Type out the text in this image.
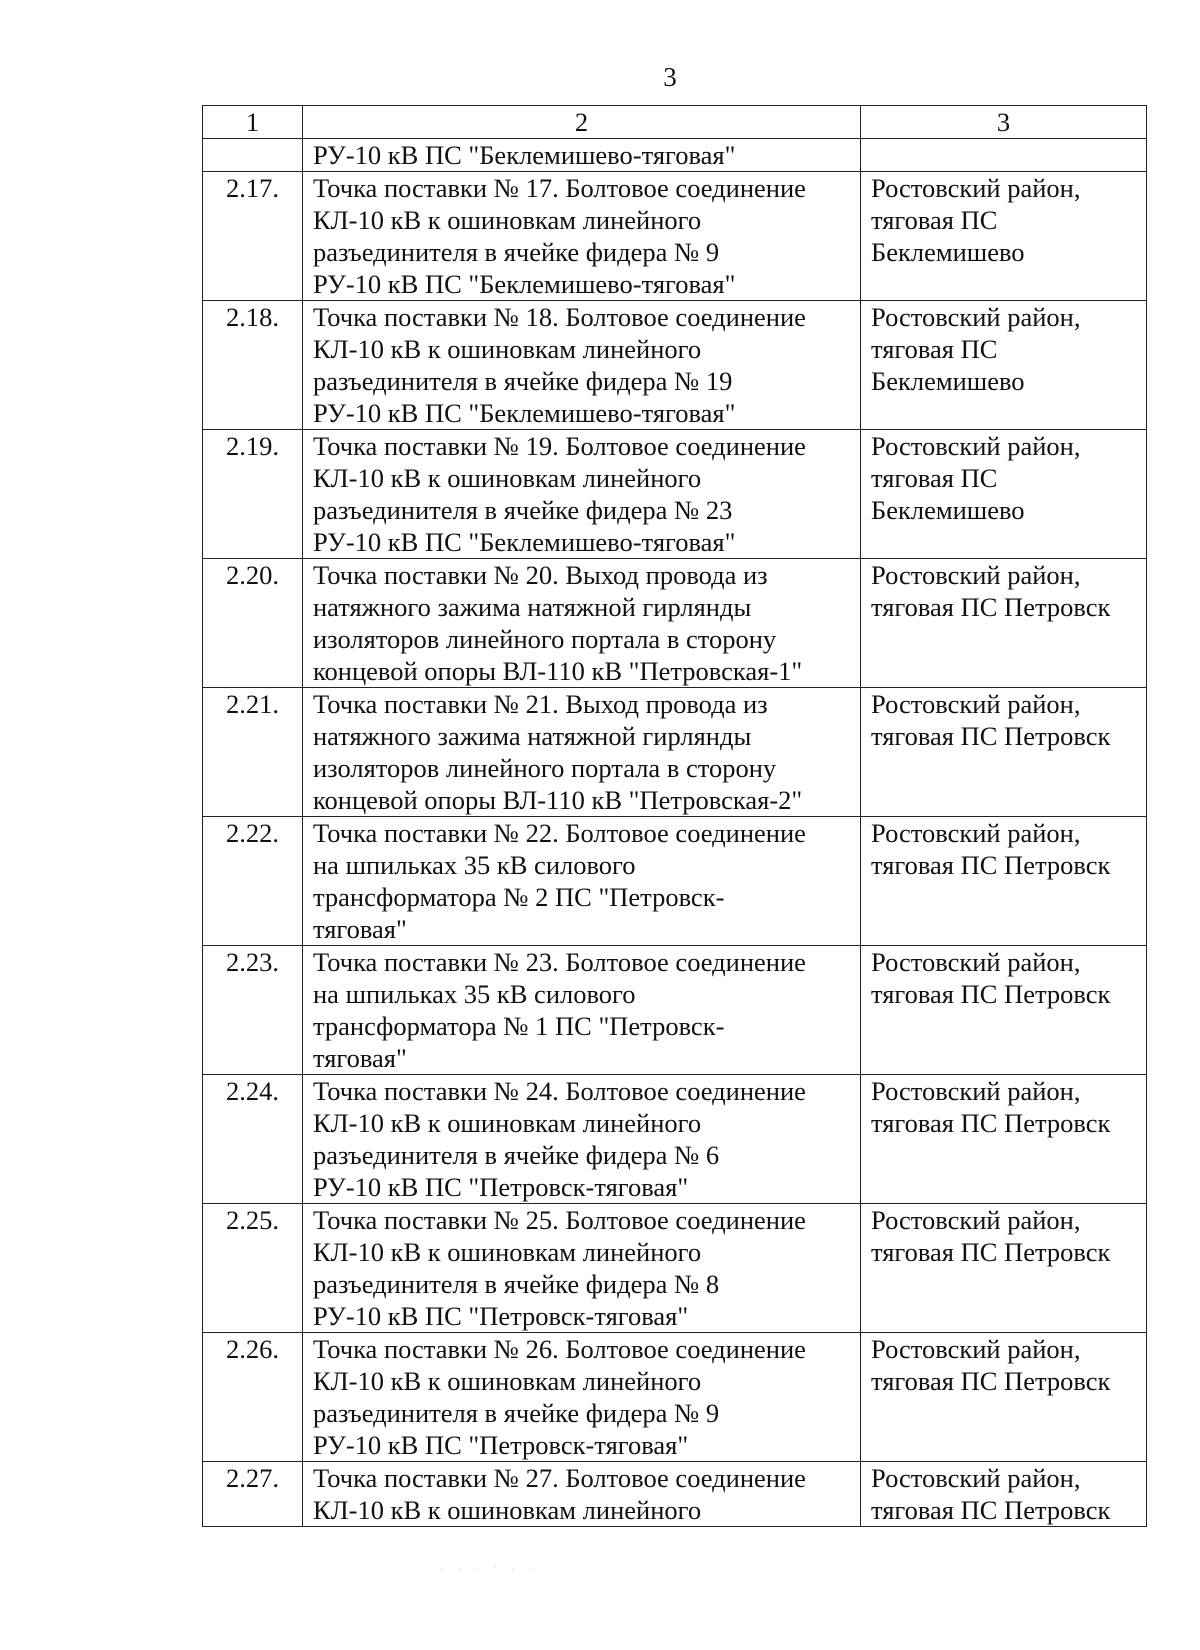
3
1	2	3

	РУ-10 кВ ПС "Беклемишево-тяговая"	

2.17.	Точка поставки № 17. Болтовое соединение
КЛ-10 кВ к ошиновкам линейного
разъединителя в ячейке фидера № 9
РУ-10 кВ ПС "Беклемишево-тяговая"	Ростовский район,
тяговая ПС
Беклемишево

2.18.	Точка поставки № 18. Болтовое соединение
КЛ-10 кВ к ошиновкам линейного
разъединителя в ячейке фидера № 19
РУ-10 кВ ПС "Беклемишево-тяговая"	Ростовский район,
тяговая ПС
Беклемишево

2.19.	Точка поставки № 19. Болтовое соединение
КЛ-10 кВ к ошиновкам линейного
разъединителя в ячейке фидера № 23
РУ-10 кВ ПС "Беклемишево-тяговая"	Ростовский район,
тяговая ПС
Беклемишево

2.20.	Точка поставки № 20. Выход провода из
натяжного зажима натяжной гирлянды
изоляторов линейного портала в сторону
концевой опоры ВЛ-110 кВ "Петровская-1"	Ростовский район,
тяговая ПС Петровск

2.21.	Точка поставки № 21. Выход провода из
натяжного зажима натяжной гирлянды
изоляторов линейного портала в сторону
концевой опоры ВЛ-110 кВ "Петровская-2"	Ростовский район,
тяговая ПС Петровск

2.22.	Точка поставки № 22. Болтовое соединение
на шпильках 35 кВ силового
трансформатора № 2 ПС "Петровск-
тяговая"	Ростовский район,
тяговая ПС Петровск

2.23.	Точка поставки № 23. Болтовое соединение
на шпильках 35 кВ силового
трансформатора № 1 ПС "Петровск-
тяговая"	Ростовский район,
тяговая ПС Петровск

2.24.	Точка поставки № 24. Болтовое соединение
КЛ-10 кВ к ошиновкам линейного
разъединителя в ячейке фидера № 6
РУ-10 кВ ПС "Петровск-тяговая"	Ростовский район,
тяговая ПС Петровск

2.25.	Точка поставки № 25. Болтовое соединение
КЛ-10 кВ к ошиновкам линейного
разъединителя в ячейке фидера № 8
РУ-10 кВ ПС "Петровск-тяговая"	Ростовский район,
тяговая ПС Петровск

2.26.	Точка поставки № 26. Болтовое соединение
КЛ-10 кВ к ошиновкам линейного
разъединителя в ячейке фидера № 9
РУ-10 кВ ПС "Петровск-тяговая"	Ростовский район,
тяговая ПС Петровск

2.27.	Точка поставки № 27. Болтовое соединение
КЛ-10 кВ к ошиновкам линейного	Ростовский район,
тяговая ПС Петровск
· · · ˙ · ·
